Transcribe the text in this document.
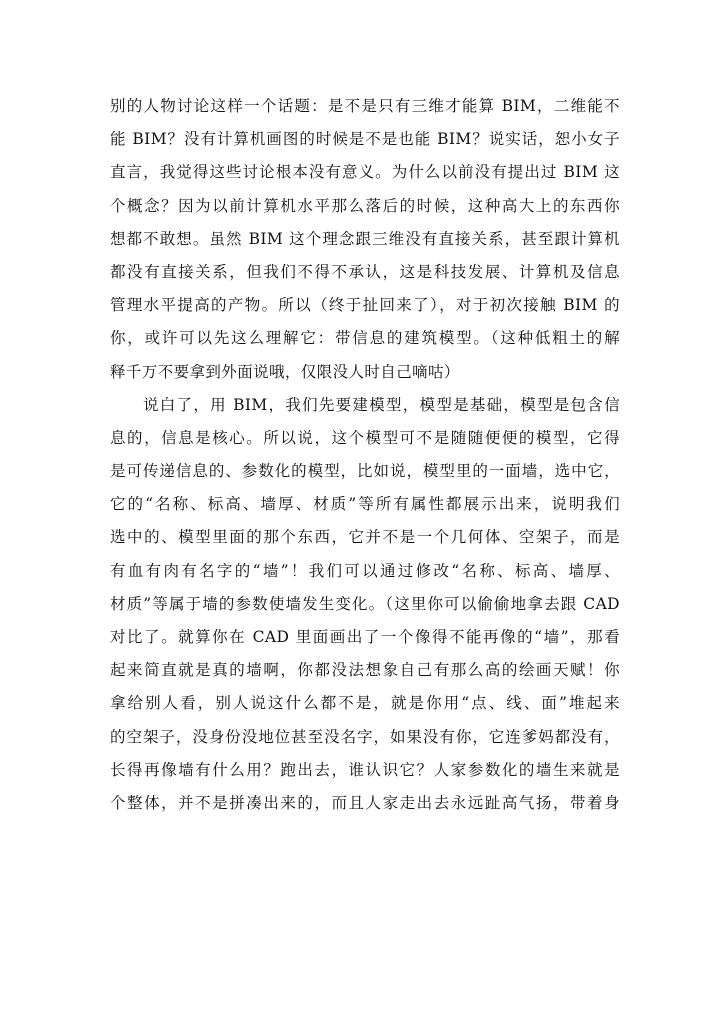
别的人物讨论这样一个话题：是不是只有三维才能算 BIM，二维能不
能 BIM？没有计算机画图的时候是不是也能 BIM？说实话，恕小女子
直言，我觉得这些讨论根本没有意义。为什么以前没有提出过 BIM 这
个概念？因为以前计算机水平那么落后的时候，这种高大上的东西你
想都不敢想。虽然 BIM 这个理念跟三维没有直接关系，甚至跟计算机
都没有直接关系，但我们不得不承认，这是科技发展、计算机及信息
管理水平提高的产物。所以（终于扯回来了），对于初次接触 BIM 的
你，或许可以先这么理解它：带信息的建筑模型。（这种低粗土的解
释千万不要拿到外面说哦，仅限没人时自己嘀咕）
说白了，用 BIM，我们先要建模型，模型是基础，模型是包含信
息的，信息是核心。所以说，这个模型可不是随随便便的模型，它得
是可传递信息的、参数化的模型，比如说，模型里的一面墙，选中它，
它的“名称、标高、墙厚、材质”等所有属性都展示出来，说明我们
选中的、模型里面的那个东西，它并不是一个几何体、空架子，而是
有血有肉有名字的“墙”！我们可以通过修改“名称、标高、墙厚、
材质”等属于墙的参数使墙发生变化。（这里你可以偷偷地拿去跟 CAD
对比了。就算你在 CAD 里面画出了一个像得不能再像的“墙”，那看
起来简直就是真的墙啊，你都没法想象自己有那么高的绘画天赋！你
拿给别人看，别人说这什么都不是，就是你用“点、线、面”堆起来
的空架子，没身份没地位甚至没名字，如果没有你，它连爹妈都没有，
长得再像墙有什么用？跑出去，谁认识它？人家参数化的墙生来就是
个整体，并不是拼凑出来的，而且人家走出去永远趾高气扬，带着身
